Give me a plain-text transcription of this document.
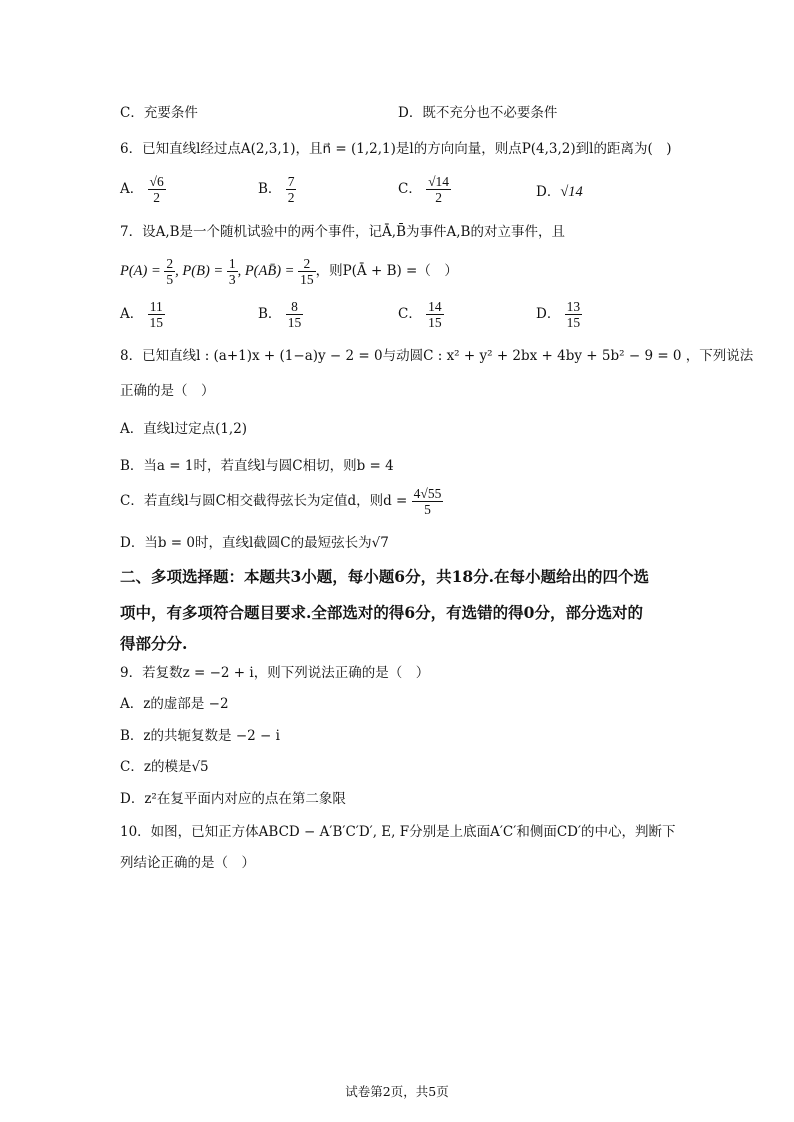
C．充要条件	D．既不充分也不必要条件
6．已知直线l经过点A(2,3,1)，且n⃗ = (1,2,1)是l的方向向量，则点P(4,3,2)到l的距离为(　)
A． $\frac{√6}{2}$	B． $\frac{7}{2}$	C． $\frac{√14}{2}$	D．√14
7．设A,B是一个随机试验中的两个事件，记Ā,B̄为事件A,B的对立事件，且
$P(A) = \frac{2}{5}$ , $P(B) = \frac{1}{3}$ , P(AB̄) = $\frac{2}{15}$ ，则P(Ā + B) =（　）
A． $\frac{11}{15}$	B． $\frac{8}{15}$	C． $\frac{14}{15}$	D． $\frac{13}{15}$
8．已知直线l : (a+1)x + (1−a)y − 2 = 0与动圆C : x² + y² + 2bx + 4by + 5b² − 9 = 0 ，下列说法
正确的是（　）
A．直线l过定点(1,2)
B．当a = 1时，若直线l与圆C相切，则b = 4
C．若直线l与圆C相交截得弦长为定值d，则$d = \frac{4√55}{5}$
D．当b = 0时，直线l截圆C的最短弦长为√7
二、多项选择题：本题共3小题，每小题6分，共18分.在每小题给出的四个选
项中，有多项符合题目要求.全部选对的得6分，有选错的得0分，部分选对的
得部分分.
9．若复数z = −2 + i，则下列说法正确的是（　）
A．z的虚部是 −2
B．z的共轭复数是 −2 − i
C．z的模是√5
D．z²在复平面内对应的点在第二象限
10．如图，已知正方体ABCD − A′B′C′D′, E, F分别是上底面A′C′和侧面CD′的中心，判断下
列结论正确的是（　）
试卷第2页，共5页
